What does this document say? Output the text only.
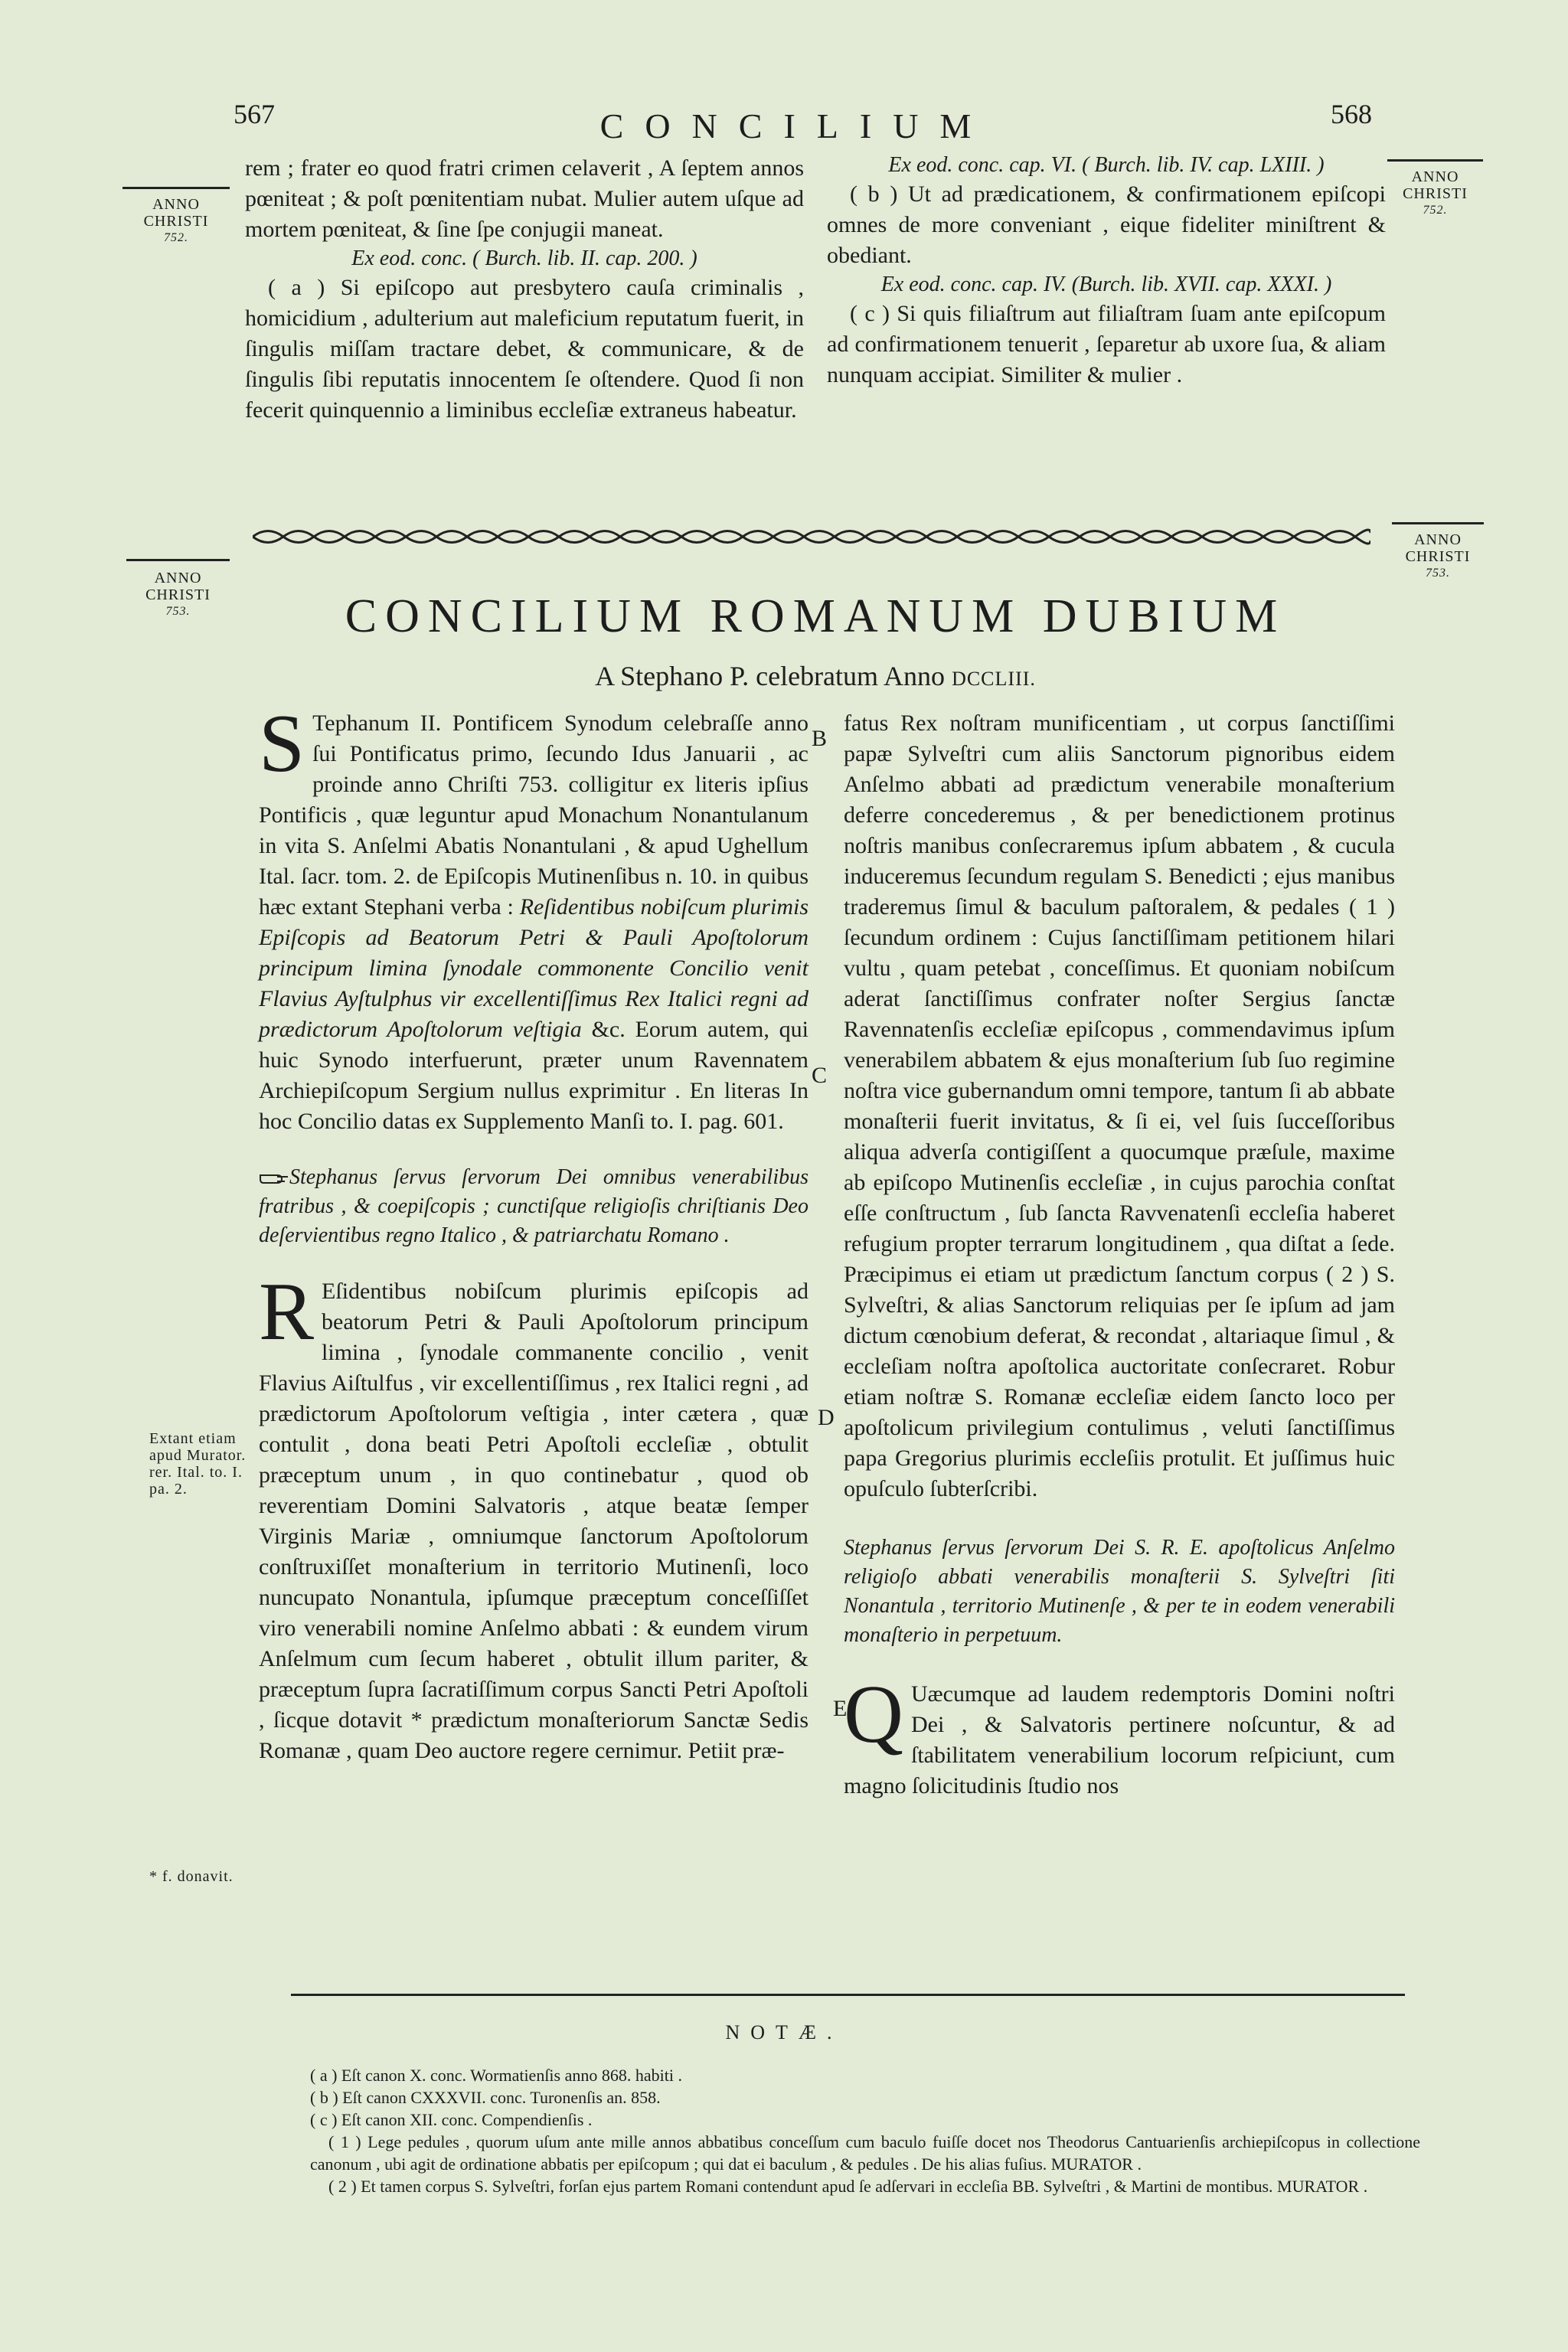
567	CONCILIUM	568
ANNO
CHRISTI
752.
ANNO
CHRISTI
752.

rem ; frater eo quod fratri crimen celaverit , A ſeptem annos pœniteat ; & poſt pœnitentiam nubat. Mulier autem uſque ad mortem pœniteat, & ſine ſpe conjugii maneat.

Ex eod. conc. ( Burch. lib. II. cap. 200. )

( a ) Si epiſcopo aut presbytero cauſa criminalis , homicidium , adulterium aut maleficium reputatum fuerit, in ſingulis miſſam tractare debet, & communicare, & de ſingulis ſibi reputatis innocentem ſe oſtendere. Quod ſi non fecerit quinquennio a liminibus eccleſiæ extraneus habeatur.

Ex eod. conc. cap. VI. ( Burch. lib. IV. cap. LXIII. )

( b ) Ut ad prædicationem, & confirmationem epiſcopi omnes de more conveniant , eique fideliter miniſtrent & obediant.

Ex eod. conc. cap. IV. (Burch. lib. XVII. cap. XXXI. )

( c ) Si quis filiaſtrum aut filiaſtram ſuam ante epiſcopum ad confirmationem tenuerit , ſeparetur ab uxore ſua, & aliam nunquam accipiat. Similiter & mulier .

ANNO
CHRISTI
753.
ANNO
CHRISTI
753.
CONCILIUM ROMANUM DUBIUM
A Stephano P. celebratum Anno DCCLIII.

S Tephanum II. Pontificem Synodum celebraſſe anno ſui Pontificatus primo, ſecundo Idus Januarii , ac proinde anno Chriſti 753. colligitur ex literis ipſius Pontificis , quæ leguntur apud Monachum Nonantulanum in vita S. Anſelmi Abatis Nonantulani , & apud Ughellum Ital. ſacr. tom. 2. de Epiſcopis Mutinenſibus n. 10. in quibus hæc extant Stephani verba : Reſidentibus nobiſcum plurimis Epiſcopis ad Beatorum Petri & Pauli Apoſtolorum principum limina ſynodale commonente Concilio venit Flavius Ayſtulphus vir excellentiſſimus Rex Italici regni ad prædictorum Apoſtolorum veſtigia &c. Eorum autem, qui huic Synodo interfuerunt, præter unum Ravennatem Archiepiſcopum Sergium nullus exprimitur . En literas In hoc Concilio datas ex Supplemento Manſi to. I. pag. 601.

Stephanus ſervus ſervorum Dei omnibus venerabilibus fratribus , & coepiſcopis ; cunctiſque religioſis chriſtianis Deo deſervientibus regno Italico , & patriarchatu Romano .

R Eſidentibus nobiſcum plurimis epiſcopis ad beatorum Petri & Pauli Apoſtolorum principum limina , ſynodale commanente concilio , venit Flavius Aiſtulfus , vir excellentiſſimus , rex Italici regni , ad prædictorum Apoſtolorum veſtigia , inter cætera , quæ contulit , dona beati Petri Apoſtoli eccleſiæ , obtulit præceptum unum , in quo continebatur , quod ob reverentiam Domini Salvatoris , atque beatæ ſemper Virginis Mariæ , omniumque ſanctorum Apoſtolorum conſtruxiſſet monaſterium in territorio Mutinenſi, loco nuncupato Nonantula, ipſumque præceptum conceſſiſſet viro venerabili nomine Anſelmo abbati : & eundem virum Anſelmum cum ſecum haberet , obtulit illum pariter, & præceptum ſupra ſacratiſſimum corpus Sancti Petri Apoſtoli , ſicque dotavit * prædictum monaſteriorum Sanctæ Sedis Romanæ , quam Deo auctore regere cernimur. Petiit præ-

Extant etiam apud Murator. rer. Ital. to. I. pa. 2.
* f. donavit.
B
C
D
E

fatus Rex noſtram munificentiam , ut corpus ſanctiſſimi papæ Sylveſtri cum aliis Sanctorum pignoribus eidem Anſelmo abbati ad prædictum venerabile monaſterium deferre concederemus , & per benedictionem protinus noſtris manibus conſecraremus ipſum abbatem , & cucula induceremus ſecundum regulam S. Benedicti ; ejus manibus traderemus ſimul & baculum paſtoralem, & pedales ( 1 ) ſecundum ordinem : Cujus ſanctiſſimam petitionem hilari vultu , quam petebat , conceſſimus. Et quoniam nobiſcum aderat ſanctiſſimus confrater noſter Sergius ſanctæ Ravennatenſis eccleſiæ epiſcopus , commendavimus ipſum venerabilem abbatem & ejus monaſterium ſub ſuo regimine noſtra vice gubernandum omni tempore, tantum ſi ab abbate monaſterii fuerit invitatus, & ſi ei, vel ſuis ſucceſſoribus aliqua adverſa contigiſſent a quocumque præſule, maxime ab epiſcopo Mutinenſis eccleſiæ , in cujus parochia conſtat eſſe conſtructum , ſub ſancta Ravvenatenſi eccleſia haberet refugium propter terrarum longitudinem , qua diſtat a ſede. Præcipimus ei etiam ut prædictum ſanctum corpus ( 2 ) S. Sylveſtri, & alias Sanctorum reliquias per ſe ipſum ad jam dictum cœnobium deferat, & recondat , altariaque ſimul , & eccleſiam noſtra apoſtolica auctoritate conſecraret. Robur etiam noſtræ S. Romanæ eccleſiæ eidem ſancto loco per apoſtolicum privilegium contulimus , veluti ſanctiſſimus papa Gregorius plurimis eccleſiis protulit. Et juſſimus huic opuſculo ſubterſcribi.

Stephanus ſervus ſervorum Dei S. R. E. apoſtolicus Anſelmo religioſo abbati venerabilis monaſterii S. Sylveſtri ſiti Nonantula , territorio Mutinenſe , & per te in eodem venerabili monaſterio in perpetuum.

Q Uæcumque ad laudem redemptoris Domini noſtri Dei , & Salvatoris pertinere noſcuntur, & ad ſtabilitatem venerabilium locorum reſpiciunt, cum magno ſolicitudinis ſtudio nos

NOTÆ.

( a ) Eſt canon X. conc. Wormatienſis anno 868. habiti .

( b ) Eſt canon CXXXVII. conc. Turonenſis an. 858.

( c ) Eſt canon XII. conc. Compendienſis .

( 1 ) Lege pedules , quorum uſum ante mille annos abbatibus conceſſum cum baculo fuiſſe docet nos Theodorus Cantuarienſis archiepiſcopus in collectione canonum , ubi agit de ordinatione abbatis per epiſcopum ; qui dat ei baculum , & pedules . De his alias fuſius. MURATOR .

( 2 ) Et tamen corpus S. Sylveſtri, forſan ejus partem Romani contendunt apud ſe adſervari in eccleſia BB. Sylveſtri , & Martini de montibus. MURATOR .
